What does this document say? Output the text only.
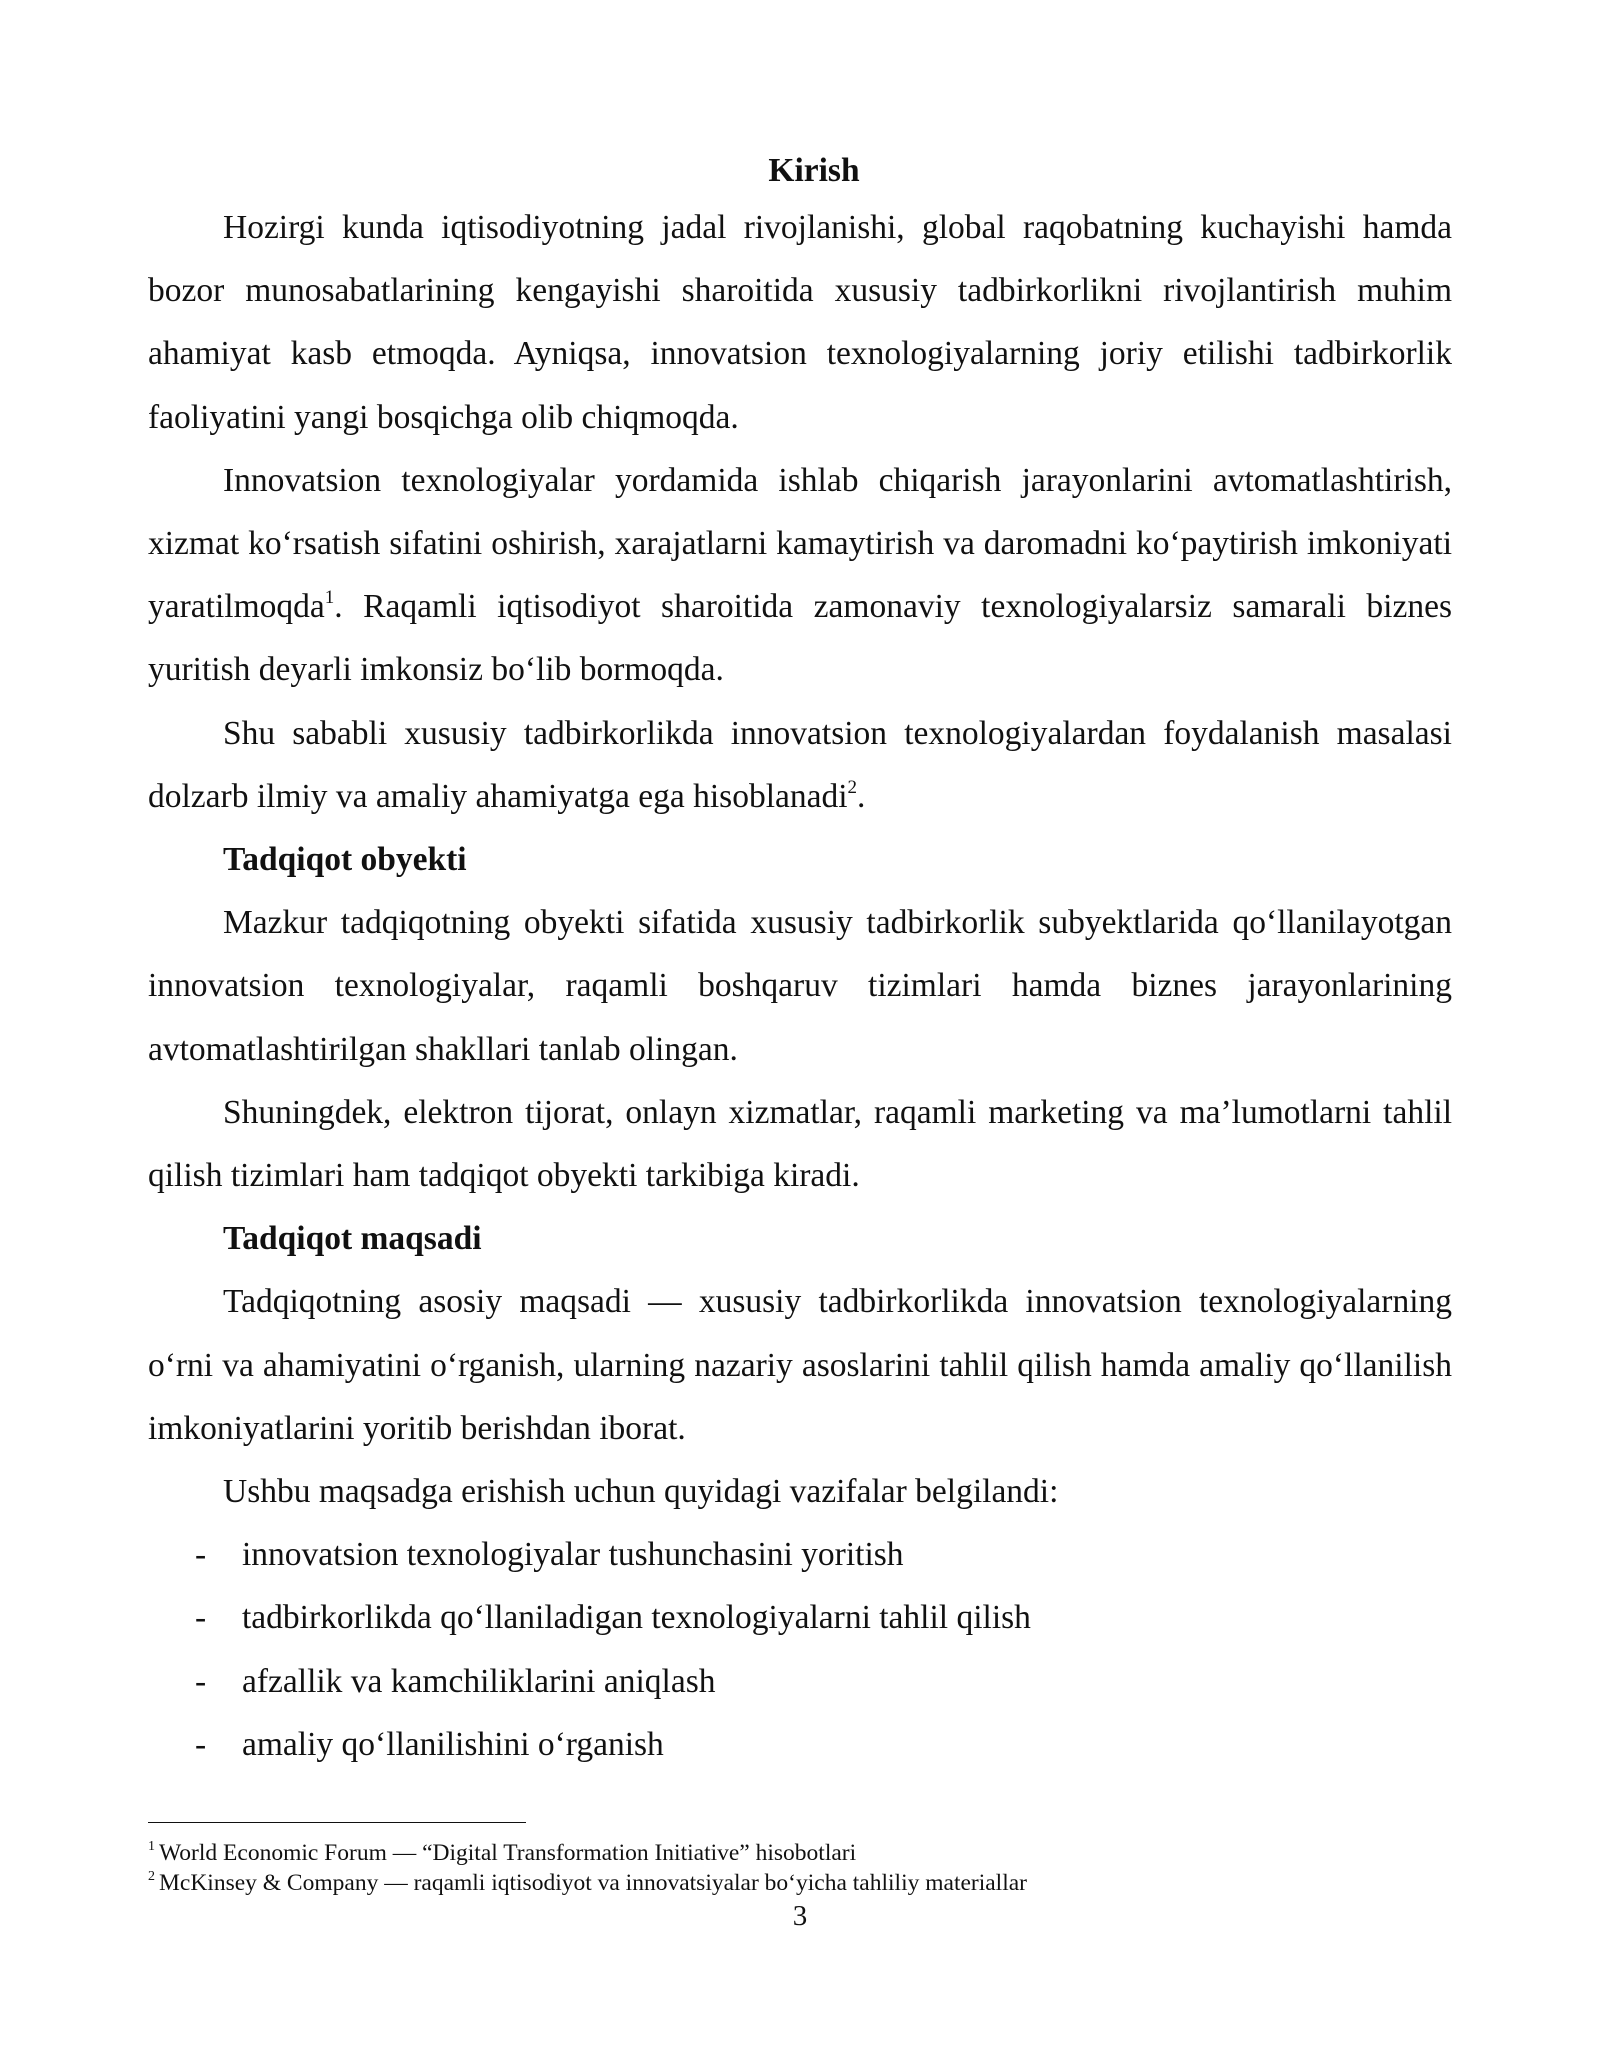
Kirish

Hozirgi kunda iqtisodiyotning jadal rivojlanishi, global raqobatning kuchayishi hamda bozor munosabatlarining kengayishi sharoitida xususiy tadbirkorlikni rivojlantirish muhim ahamiyat kasb etmoqda. Ayniqsa, innovatsion texnologiyalarning joriy etilishi tadbirkorlik faoliyatini yangi bosqichga olib chiqmoqda.

Innovatsion texnologiyalar yordamida ishlab chiqarish jarayonlarini avtomatlashtirish, xizmat ko‘rsatish sifatini oshirish, xarajatlarni kamaytirish va daromadni ko‘paytirish imkoniyati yaratilmoqda$^1$. Raqamli iqtisodiyot sharoitida zamonaviy texnologiyalarsiz samarali biznes yuritish deyarli imkonsiz bo‘lib bormoqda.

Shu sababli xususiy tadbirkorlikda innovatsion texnologiyalardan foydalanish masalasi dolzarb ilmiy va amaliy ahamiyatga ega hisoblanadi$^2$.

Tadqiqot obyekti

Mazkur tadqiqotning obyekti sifatida xususiy tadbirkorlik subyektlarida qo‘llanilayotgan innovatsion texnologiyalar, raqamli boshqaruv tizimlari hamda biznes jarayonlarining avtomatlashtirilgan shakllari tanlab olingan.

Shuningdek, elektron tijorat, onlayn xizmatlar, raqamli marketing va ma’lumotlarni tahlil qilish tizimlari ham tadqiqot obyekti tarkibiga kiradi.

Tadqiqot maqsadi

Tadqiqotning asosiy maqsadi — xususiy tadbirkorlikda innovatsion texnologiyalarning o‘rni va ahamiyatini o‘rganish, ularning nazariy asoslarini tahlil qilish hamda amaliy qo‘llanilish imkoniyatlarini yoritib berishdan iborat.

Ushbu maqsadga erishish uchun quyidagi vazifalar belgilandi:

- innovatsion texnologiyalar tushunchasini yoritish
- tadbirkorlikda qo‘llaniladigan texnologiyalarni tahlil qilish
- afzallik va kamchiliklarini aniqlash
- amaliy qo‘llanilishini o‘rganish

$^1$ World Economic Forum — “Digital Transformation Initiative” hisobotlari

$^2$ McKinsey & Company — raqamli iqtisodiyot va innovatsiyalar bo‘yicha tahliliy materiallar

3
